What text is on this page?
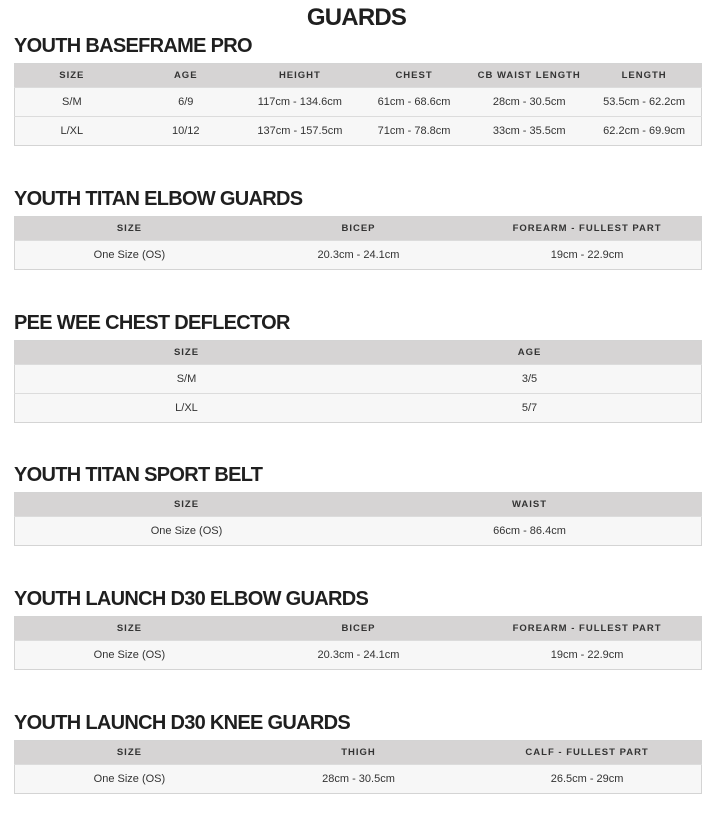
GUARDS
YOUTH BASEFRAME PRO
SIZE	AGE	HEIGHT	CHEST	CB WAIST LENGTH	LENGTH
S/M	6/9	117cm - 134.6cm	61cm - 68.6cm	28cm - 30.5cm	53.5cm - 62.2cm
L/XL	10/12	137cm - 157.5cm	71cm - 78.8cm	33cm - 35.5cm	62.2cm - 69.9cm
YOUTH TITAN ELBOW GUARDS
SIZE	BICEP	FOREARM - FULLEST PART
One Size (OS)	20.3cm - 24.1cm	19cm - 22.9cm
PEE WEE CHEST DEFLECTOR
SIZE	AGE
S/M	3/5
L/XL	5/7
YOUTH TITAN SPORT BELT
SIZE	WAIST
One Size (OS)	66cm - 86.4cm
YOUTH LAUNCH D30 ELBOW GUARDS
SIZE	BICEP	FOREARM - FULLEST PART
One Size (OS)	20.3cm - 24.1cm	19cm - 22.9cm
YOUTH LAUNCH D30 KNEE GUARDS
SIZE	THIGH	CALF - FULLEST PART
One Size (OS)	28cm - 30.5cm	26.5cm - 29cm
